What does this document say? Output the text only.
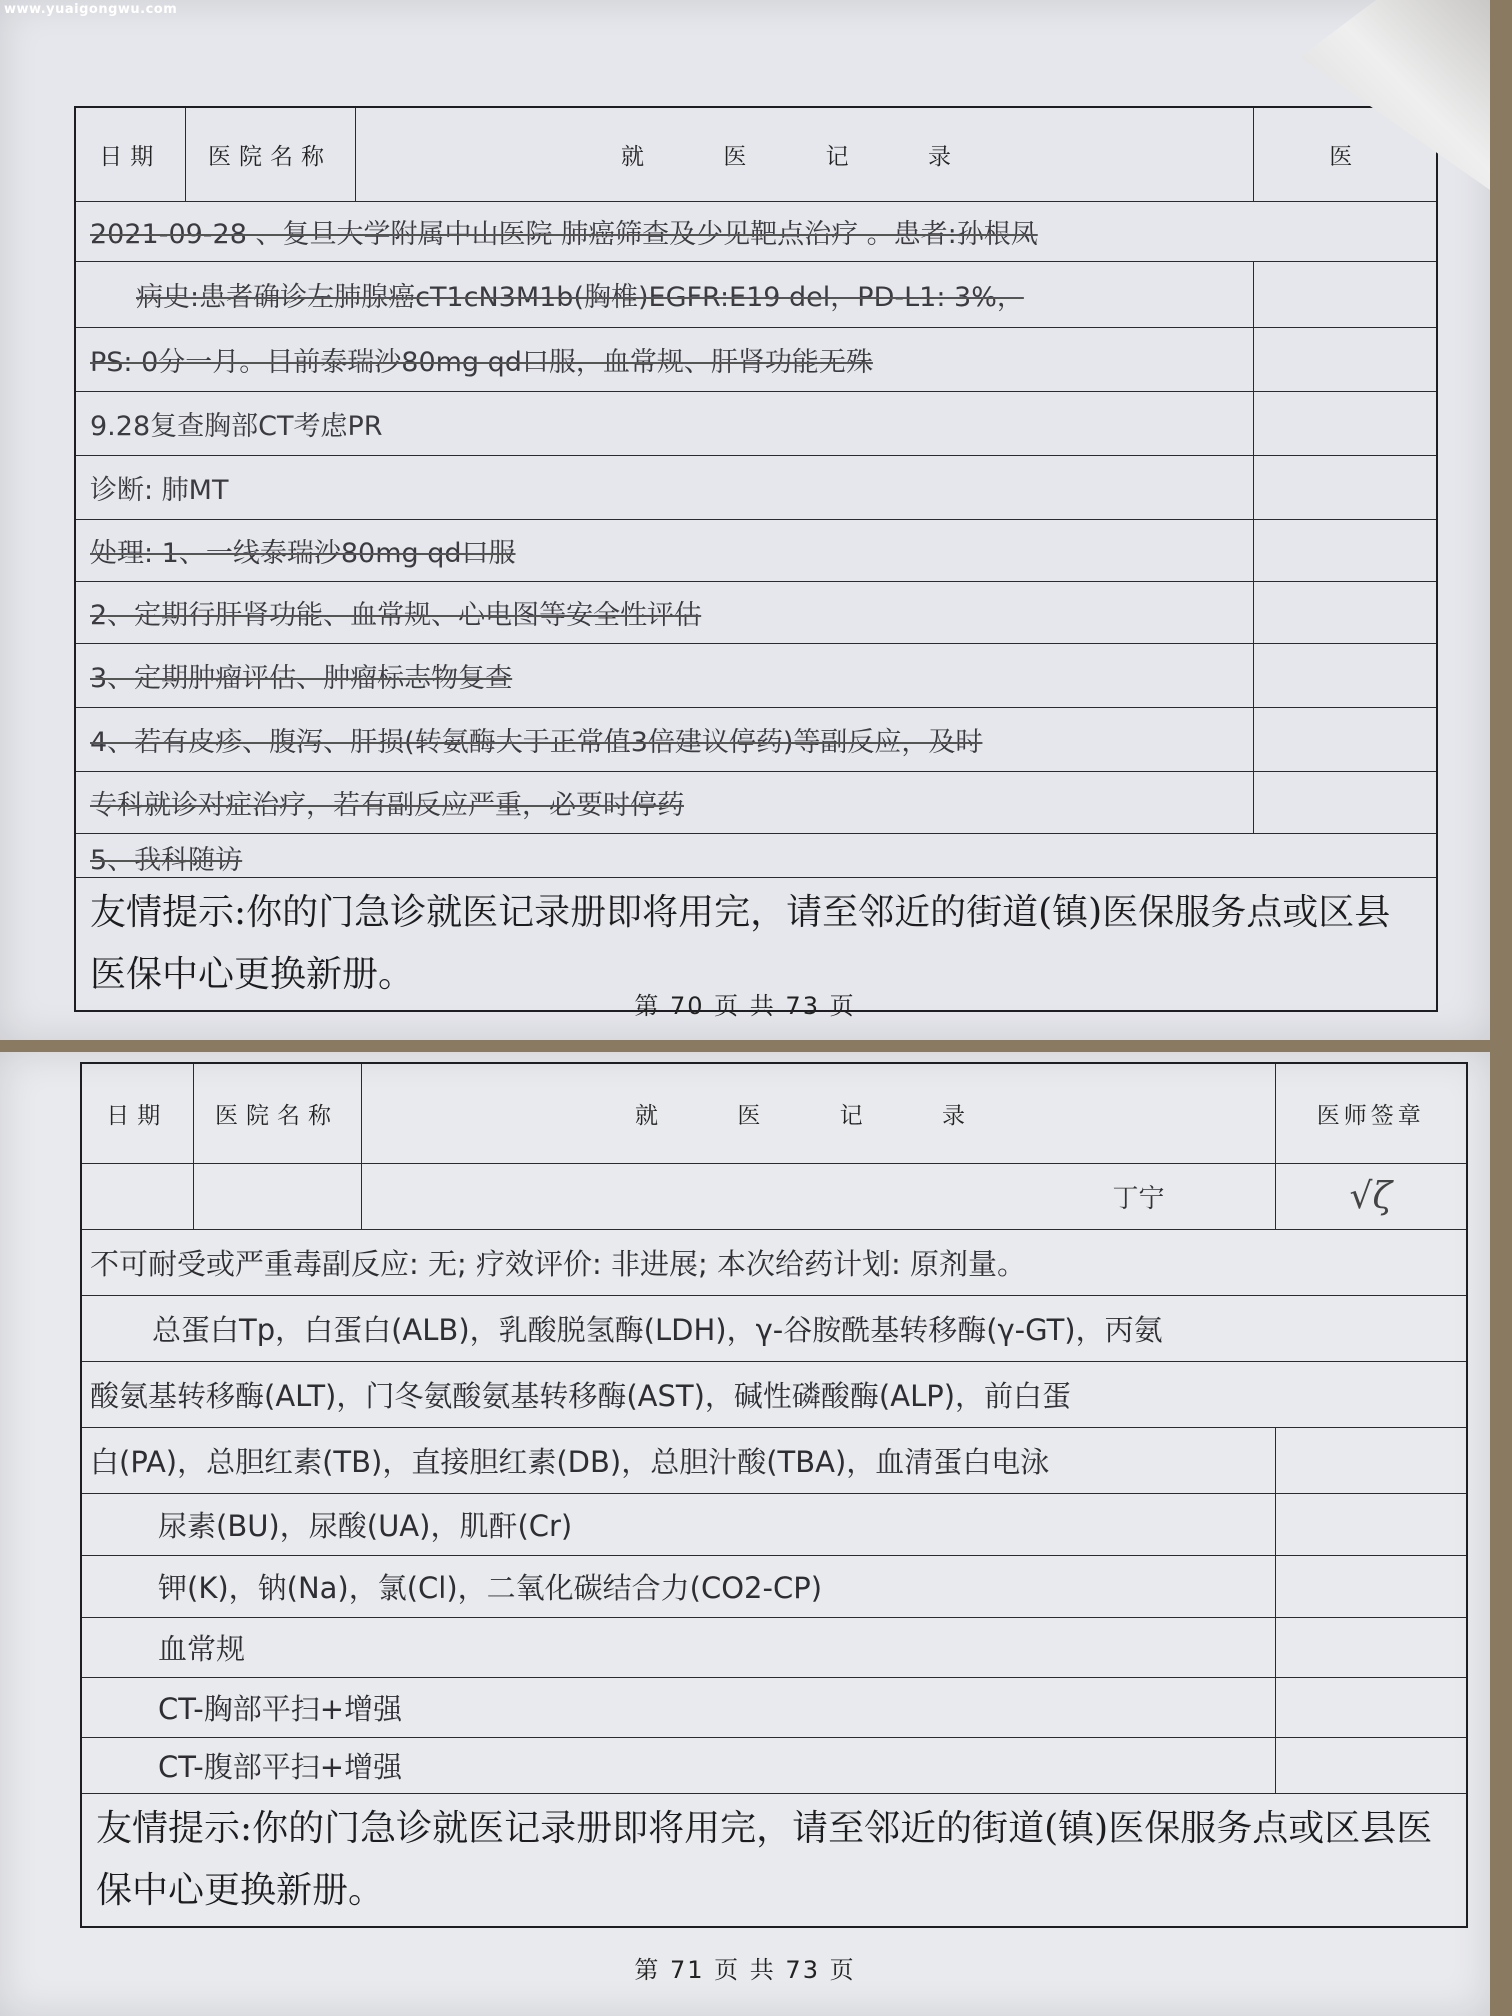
www.yuaigongwu.com
日期	医院名称	就 医 记 录	医
2021-09-28 、复旦大学附属中山医院 肺癌筛查及少见靶点治疗 。患者:孙根凤			
病史:患者确诊左肺腺癌cT1cN3M1b(胸椎)EGFR:E19 del，PD-L1: 3%，			
PS: 0分一月。目前泰瑞沙80mg qd口服，血常规、肝肾功能无殊			
9.28复查胸部CT考虑PR			
诊断: 肺MT			
处理: 1、一线泰瑞沙80mg qd口服			
2、定期行肝肾功能、血常规、心电图等安全性评估			
3、定期肿瘤评估、肿瘤标志物复查			
4、若有皮疹、腹泻、肝损(转氨酶大于正常值3倍建议停药)等副反应，及时			
专科就诊对症治疗，若有副反应严重，必要时停药			
5、我科随访			
友情提示:你的门急诊就医记录册即将用完，请至邻近的街道(镇)医保服务点或区县医保中心更换新册。			
第 70 页 共 73 页
日期	医院名称	就 医 记 录	医师签章
		丁宁	√ζ
不可耐受或严重毒副反应: 无; 疗效评价: 非进展; 本次给药计划: 原剂量。			
总蛋白Tp，白蛋白(ALB)，乳酸脱氢酶(LDH)，γ-谷胺酰基转移酶(γ-GT)，丙氨			
酸氨基转移酶(ALT)，门冬氨酸氨基转移酶(AST)，碱性磷酸酶(ALP)，前白蛋			
白(PA)，总胆红素(TB)，直接胆红素(DB)，总胆汁酸(TBA)，血清蛋白电泳			
尿素(BU)，尿酸(UA)，肌酐(Cr)			
钾(K)，钠(Na)，氯(Cl)，二氧化碳结合力(CO2-CP)			
血常规			
CT-胸部平扫+增强			
CT-腹部平扫+增强			
友情提示:你的门急诊就医记录册即将用完，请至邻近的街道(镇)医保服务点或区县医保中心更换新册。			
第 71 页 共 73 页
